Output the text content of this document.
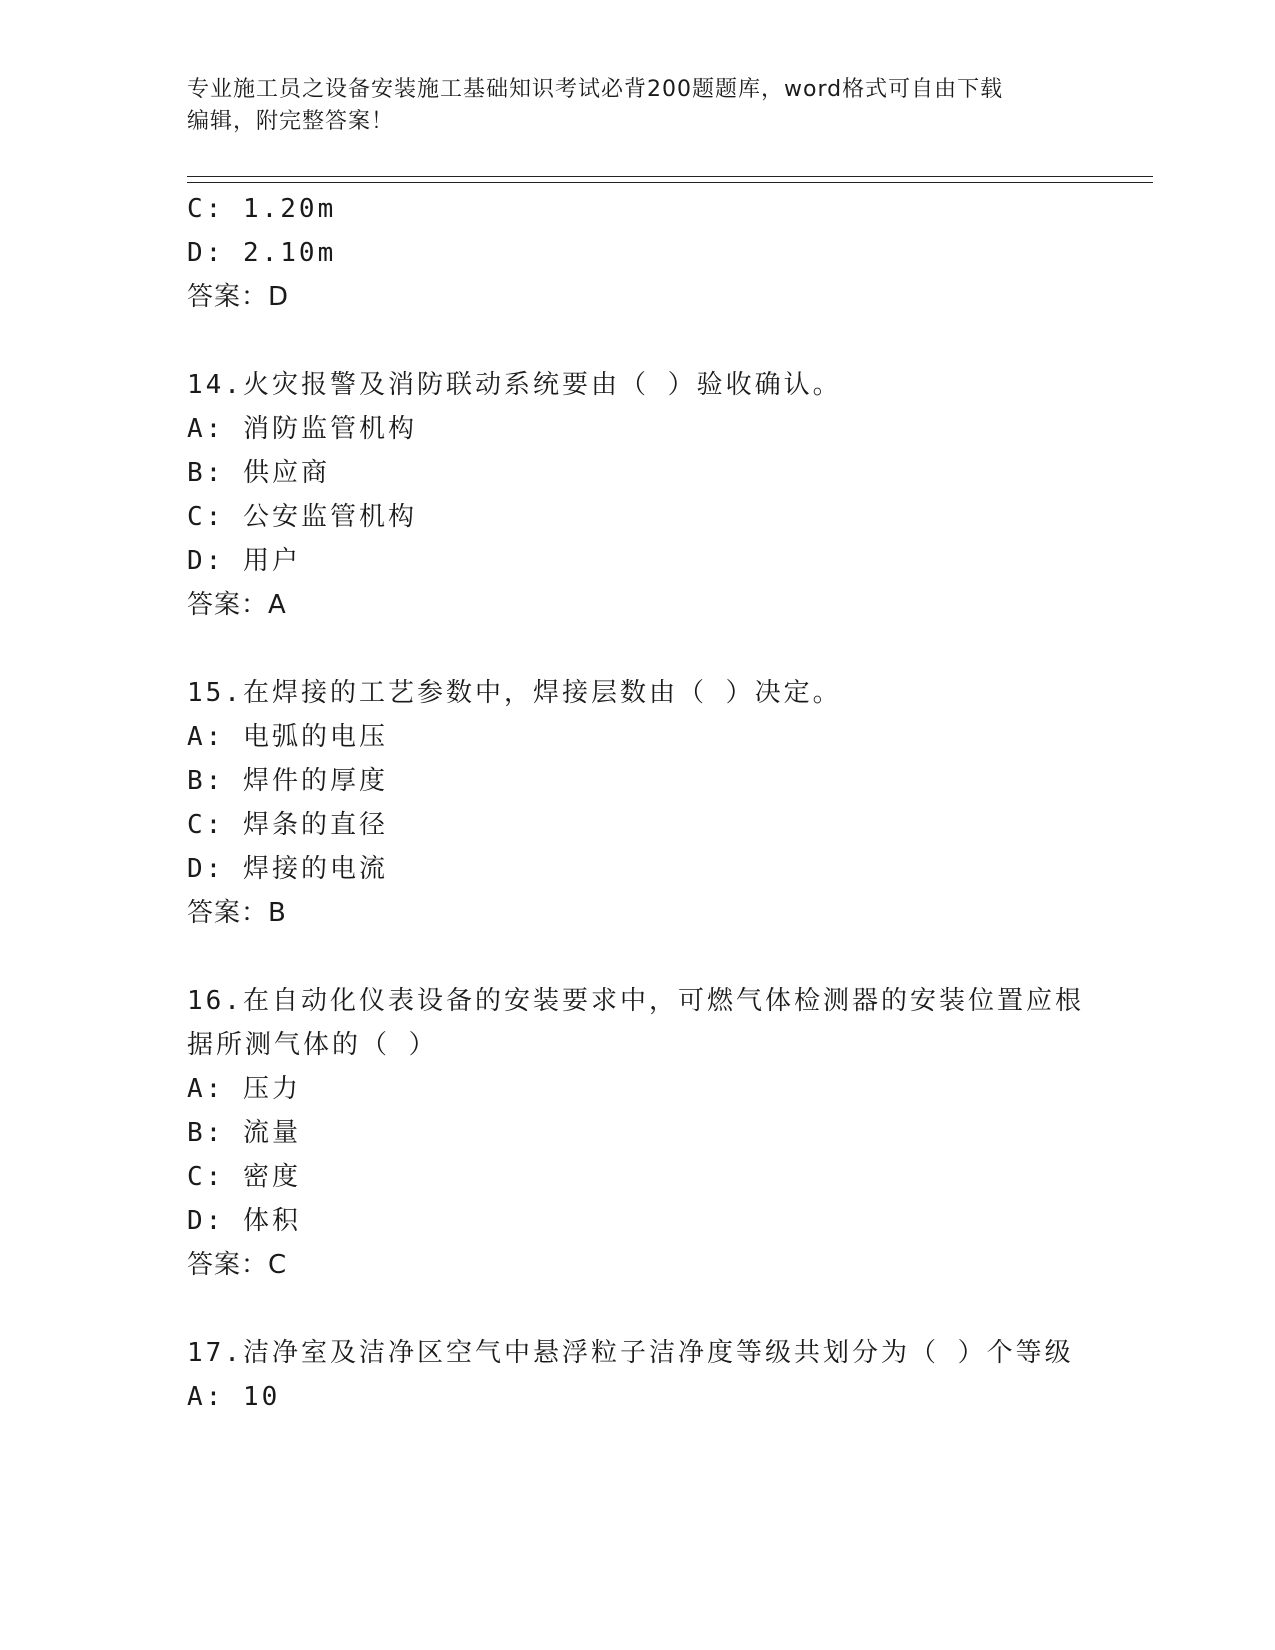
专业施工员之设备安装施工基础知识考试必背200题题库，word格式可自由下载
编辑，附完整答案！
C: 1.20m
D: 2.10m
答案：D
14.火灾报警及消防联动系统要由（ ）验收确认。
A: 消防监管机构
B: 供应商
C: 公安监管机构
D: 用户
答案：A
15.在焊接的工艺参数中，焊接层数由（ ）决定。
A: 电弧的电压
B: 焊件的厚度
C: 焊条的直径
D: 焊接的电流
答案：B
16.在自动化仪表设备的安装要求中，可燃气体检测器的安装位置应根
据所测气体的（ ）
A: 压力
B: 流量
C: 密度
D: 体积
答案：C
17.洁净室及洁净区空气中悬浮粒子洁净度等级共划分为（ ）个等级
A: 10
